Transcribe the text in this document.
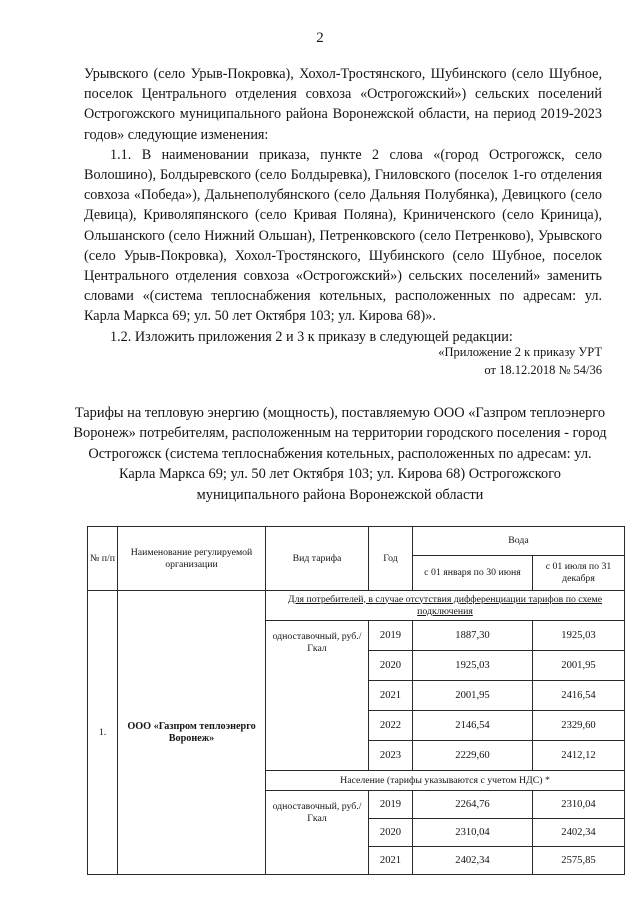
2

Урывского (село Урыв-Покровка), Хохол-Тростянского, Шубинского (село Шубное, поселок Центрального отделения совхоза «Острогожский») сельских поселений Острогожского муниципального района Воронежской области, на период 2019-2023 годов» следующие изменения:

1.1. В наименовании приказа, пункте 2 слова «(город Острогожск, село Волошино), Болдыревского (село Болдыревка), Гниловского (поселок 1-го отделения совхоза «Победа»), Дальнеполубянского (село Дальняя Полубянка), Девицкого (село Девица), Криволяпянского (село Кривая Поляна), Криниченского (село Криница), Ольшанского (село Нижний Ольшан), Петренковского (село Петренково), Урывского (село Урыв-Покровка), Хохол-Тростянского, Шубинского (село Шубное, поселок Центрального отделения совхоза «Острогожский») сельских поселений» заменить словами «(система теплоснабжения котельных, расположенных по адресам: ул. Карла Маркса 69; ул. 50 лет Октября 103; ул. Кирова 68)».

1.2. Изложить приложения 2 и 3 к приказу в следующей редакции:

«Приложение 2 к приказу УРТ
от 18.12.2018 № 54/36
Тарифы на тепловую энергию (мощность), поставляемую ООО «Газпром теплоэнерго Воронеж» потребителям, расположенным на территории городского поселения - город Острогожск (система теплоснабжения котельных, расположенных по адресам: ул. Карла Маркса 69; ул. 50 лет Октября 103; ул. Кирова 68) Острогожского муниципального района Воронежской области
№ п/п	Наименование регулируемой организации	Вид тарифа	Год	Вода	
				с 01 января по 30 июня	с 01 июля по 31 декабря
1.	ООО «Газпром теплоэнерго Воронеж»	Для потребителей, в случае отсутствия дифференциации тарифов по схеме подключения			
		одноставочный, руб./Гкал	2019	1887,30	1925,03
			2020	1925,03	2001,95
			2021	2001,95	2416,54
			2022	2146,54	2329,60
			2023	2229,60	2412,12
		Население (тарифы указываются с учетом НДС) *			
		одноставочный, руб./Гкал	2019	2264,76	2310,04
			2020	2310,04	2402,34
			2021	2402,34	2575,85
